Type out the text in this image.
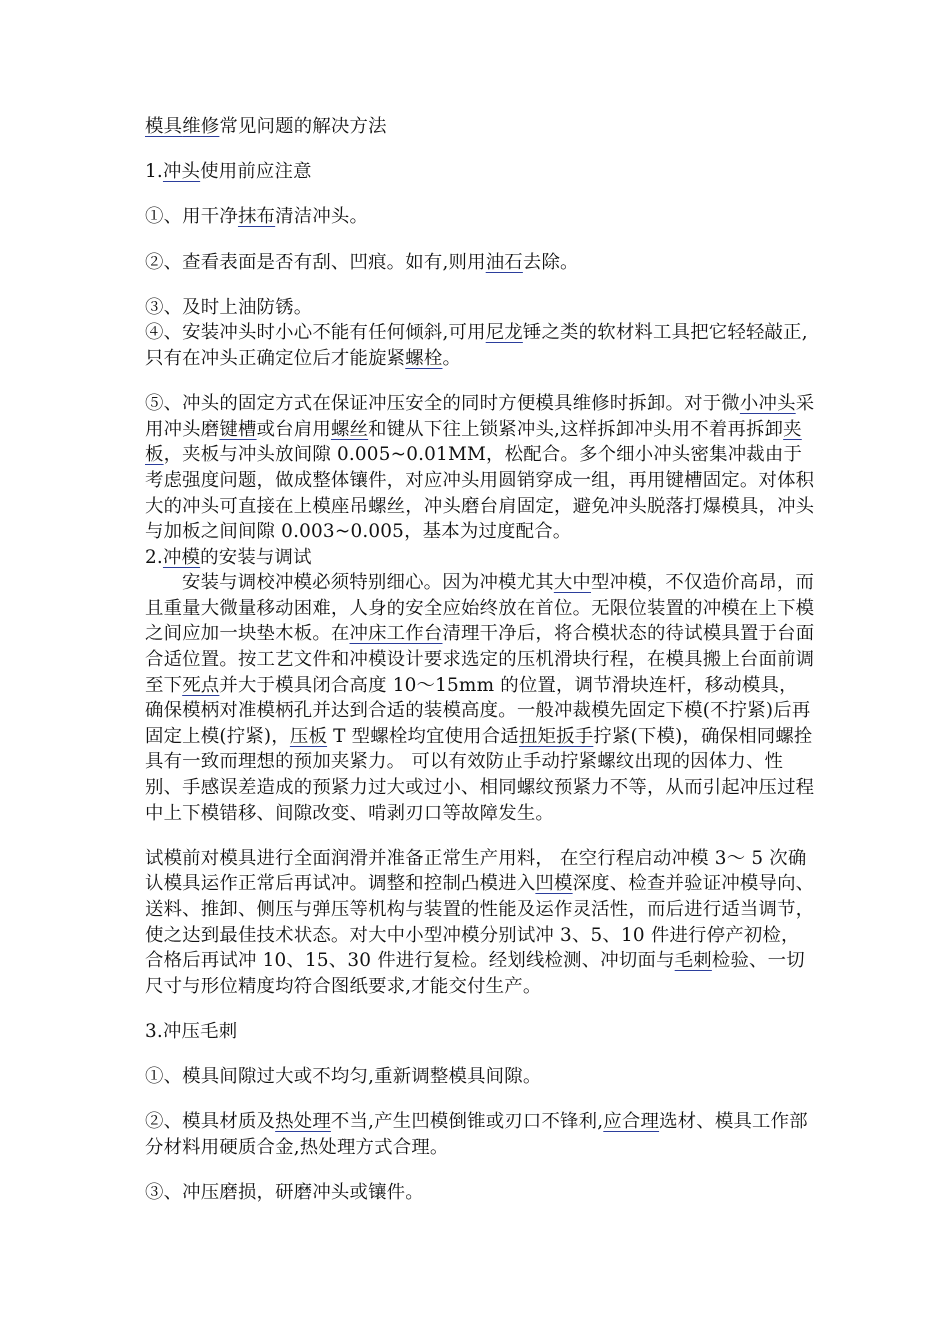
模具维修常见问题的解决方法

1.冲头使用前应注意

①、用干净抹布清洁冲头。

②、查看表面是否有刮、凹痕。如有,则用油石去除。

③、及时上油防锈。

④、安装冲头时小心不能有任何倾斜,可用尼龙锤之类的软材料工具把它轻轻敲正,只有在冲头正确定位后才能旋紧螺栓。

⑤、冲头的固定方式在保证冲压安全的同时方便模具维修时拆卸。对于微小冲头采用冲头磨键槽或台肩用螺丝和键从下往上锁紧冲头,这样拆卸冲头用不着再拆卸夹板，夹板与冲头放间隙 0.005~0.01MM，松配合。多个细小冲头密集冲裁由于考虑强度问题，做成整体镶件，对应冲头用圆销穿成一组，再用键槽固定。对体积大的冲头可直接在上模座吊螺丝，冲头磨台肩固定，避免冲头脱落打爆模具，冲头与加板之间间隙 0.003~0.005，基本为过度配合。

2.冲模的安装与调试

安装与调校冲模必须特别细心。因为冲模尤其大中型冲模，不仅造价高昂，而且重量大微量移动困难，人身的安全应始终放在首位。无限位装置的冲模在上下模之间应加一块垫木板。在冲床工作台清理干净后，将合模状态的待试模具置于台面合适位置。按工艺文件和冲模设计要求选定的压机滑块行程，在模具搬上台面前调至下死点并大于模具闭合高度 10～15mm 的位置，调节滑块连杆，移动模具，确保模柄对准模柄孔并达到合适的装模高度。一般冲裁模先固定下模(不拧紧)后再固定上模(拧紧)，压板 T 型螺栓均宜使用合适扭矩扳手拧紧(下模)，确保相同螺拴具有一致而理想的预加夹紧力。 可以有效防止手动拧紧螺纹出现的因体力、性别、手感误差造成的预紧力过大或过小、相同螺纹预紧力不等，从而引起冲压过程中上下模错移、间隙改变、啃剥刃口等故障发生。

试模前对模具进行全面润滑并准备正常生产用料， 在空行程启动冲模 3～ 5 次确认模具运作正常后再试冲。调整和控制凸模进入凹模深度、检查并验证冲模导向、送料、推卸、侧压与弹压等机构与装置的性能及运作灵活性，而后进行适当调节，使之达到最佳技术状态。对大中小型冲模分别试冲 3、5、10 件进行停产初检，合格后再试冲 10、15、30 件进行复检。经划线检测、冲切面与毛刺检验、一切尺寸与形位精度均符合图纸要求,才能交付生产。

3.冲压毛刺

①、模具间隙过大或不均匀,重新调整模具间隙。

②、模具材质及热处理不当,产生凹模倒锥或刃口不锋利,应合理选材、模具工作部分材料用硬质合金,热处理方式合理。

③、冲压磨损，研磨冲头或镶件。
